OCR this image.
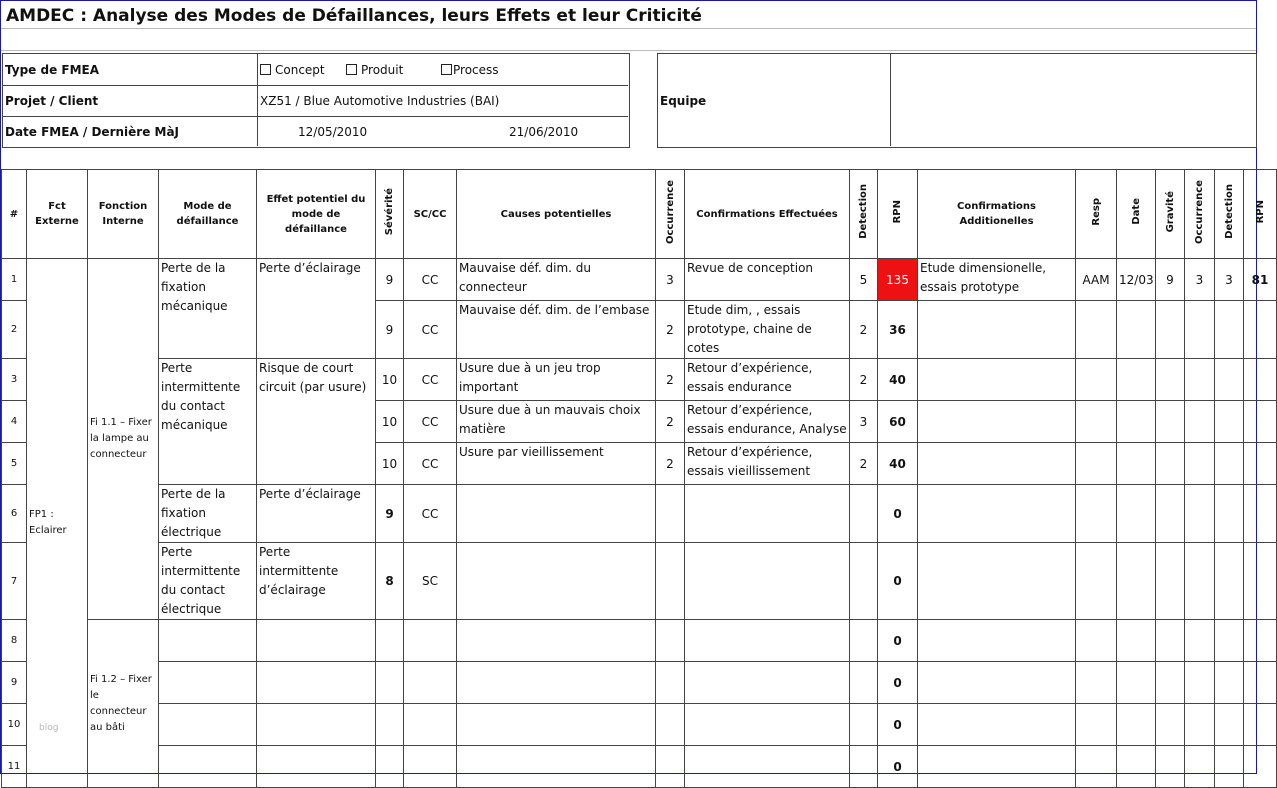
AMDEC : Analyse des Modes de Défaillances, leurs Effets et leur Criticité
Type de FMEA	Concept	Produit	Process
Projet / Client	XZ51 / Blue Automotive Industries (BAI)
Date FMEA / Dernière MàJ	12/05/2010	21/06/2010
Equipe
#	Fct Externe	Fonction Interne	Mode de défaillance	Effet potentiel du mode de défaillance	Sévérité	SC/CC	Causes potentielles	Occurrence	Confirmations Effectuées	Detection	RPN	Confirmations Additionelles	Resp	Date	Gravité	Occurrence	Detection	RPN
1	FP1 : Eclairer	Fi 1.1 – Fixer la lampe au connecteur	Perte de la fixation mécanique	Perte d’éclairage	9	CC	Mauvaise déf. dim. du connecteur	3	Revue de conception	5	135	Etude dimensionelle, essais prototype	AAM	12/03	9	3	3	81
2					9	CC	Mauvaise déf. dim. de l’embase	2	Etude dim, , essais prototype, chaine de cotes	2	36							
3			Perte intermittente du contact mécanique	Risque de court circuit (par usure)	10	CC	Usure due à un jeu trop important	2	Retour d’expérience, essais endurance	2	40							
4					10	CC	Usure due à un mauvais choix matière	2	Retour d’expérience, essais endurance, Analyse	3	60							
5					10	CC	Usure par vieillissement	2	Retour d’expérience, essais vieillissement	2	40							
6			Perte de la fixation électrique	Perte d’éclairage	9	CC					0							
7			Perte intermittente du contact électrique	Perte intermittente d’éclairage	8	SC					0							
8		Fi 1.2 – Fixer le connecteur au bâti									0							
9											0							
10											0							
11											0							
blog
